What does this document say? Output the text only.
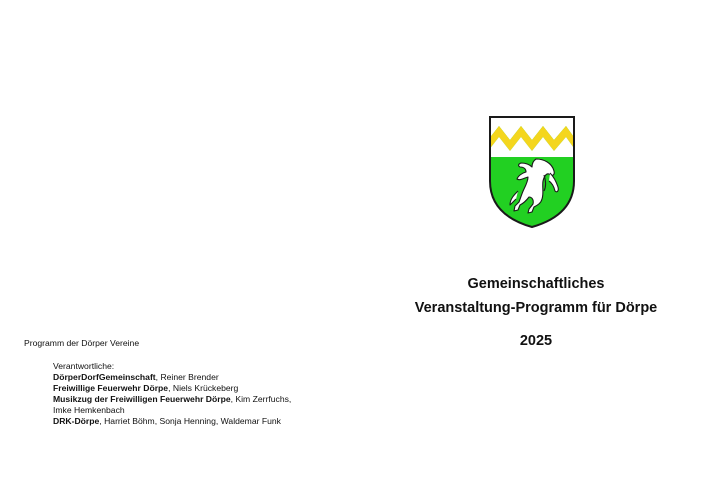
Gemeinschaftliches
Veranstaltung-Programm für Dörpe
2025
Programm der Dörper Vereine
Verantwortliche:
DörperDorfGemeinschaft, Reiner Brender
Freiwillige Feuerwehr Dörpe, Niels Krückeberg
Musikzug der Freiwilligen Feuerwehr Dörpe, Kim Zerrfuchs, Imke Hemkenbach
DRK-Dörpe, Harriet Böhm, Sonja Henning, Waldemar Funk
